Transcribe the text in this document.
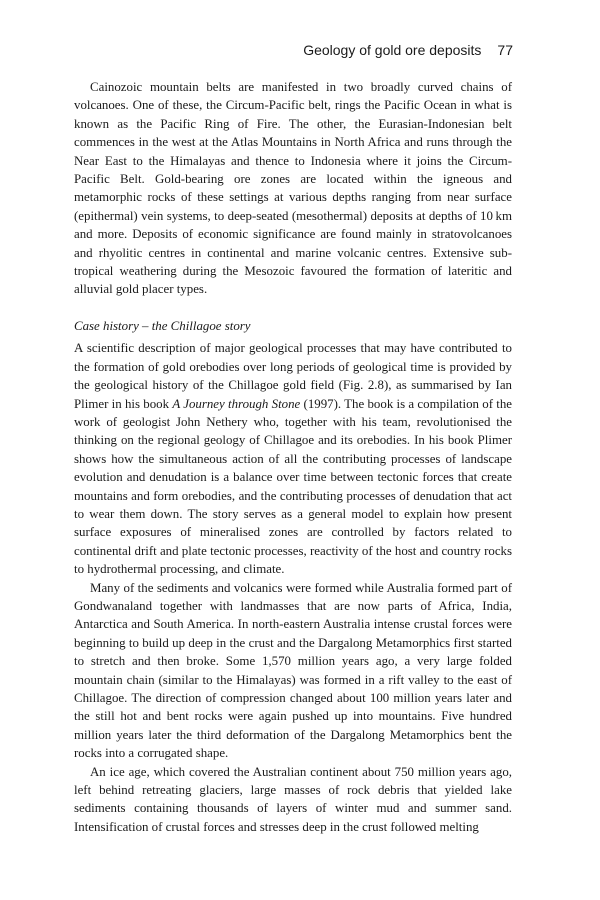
Geology of gold ore deposits 77

Cainozoic mountain belts are manifested in two broadly curved chains of volcanoes. One of these, the Circum-Pacific belt, rings the Pacific Ocean in what is known as the Pacific Ring of Fire. The other, the Eurasian-Indonesian belt commences in the west at the Atlas Mountains in North Africa and runs through the Near East to the Himalayas and thence to Indonesia where it joins the Circum-Pacific Belt. Gold-bearing ore zones are located within the igneous and metamorphic rocks of these settings at various depths ranging from near surface (epithermal) vein systems, to deep-seated (mesothermal) deposits at depths of 10 km and more. Deposits of economic significance are found mainly in stratovolcanoes and rhyolitic centres in continental and marine volcanic centres. Extensive sub-tropical weathering during the Mesozoic favoured the formation of lateritic and alluvial gold placer types.

Case history – the Chillagoe story

A scientific description of major geological processes that may have contributed to the formation of gold orebodies over long periods of geological time is provided by the geological history of the Chillagoe gold field (Fig. 2.8), as summarised by Ian Plimer in his book A Journey through Stone (1997). The book is a compilation of the work of geologist John Nethery who, together with his team, revolutionised the thinking on the regional geology of Chillagoe and its orebodies. In his book Plimer shows how the simultaneous action of all the contributing processes of landscape evolution and denudation is a balance over time between tectonic forces that create mountains and form orebodies, and the contributing processes of denudation that act to wear them down. The story serves as a general model to explain how present surface exposures of mineralised zones are controlled by factors related to continental drift and plate tectonic processes, reactivity of the host and country rocks to hydrothermal processing, and climate.

Many of the sediments and volcanics were formed while Australia formed part of Gondwanaland together with landmasses that are now parts of Africa, India, Antarctica and South America. In north-eastern Australia intense crustal forces were beginning to build up deep in the crust and the Dargalong Metamorphics first started to stretch and then broke. Some 1,570 million years ago, a very large folded mountain chain (similar to the Himalayas) was formed in a rift valley to the east of Chillagoe. The direction of compression changed about 100 million years later and the still hot and bent rocks were again pushed up into mountains. Five hundred million years later the third deformation of the Dargalong Metamorphics bent the rocks into a corrugated shape.

An ice age, which covered the Australian continent about 750 million years ago, left behind retreating glaciers, large masses of rock debris that yielded lake sediments containing thousands of layers of winter mud and summer sand. Intensification of crustal forces and stresses deep in the crust followed melting
